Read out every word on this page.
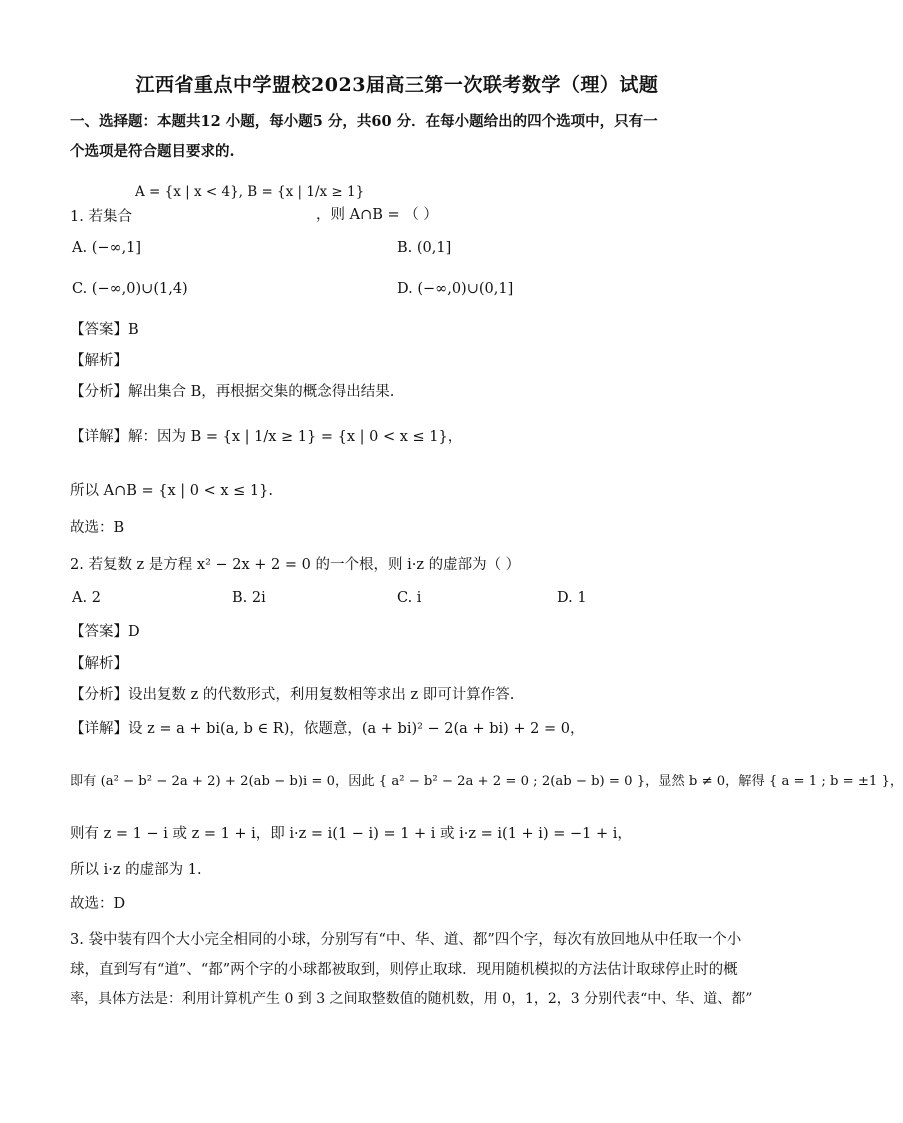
江西省重点中学盟校2023届高三第一次联考数学（理）试题
一、选择题：本题共12 小题，每小题5 分，共60 分．在每小题给出的四个选项中，只有一
个选项是符合题目要求的.
A = {x | x < 4}, B = {x | 1/x ≥ 1}
1. 若集合	，则 A∩B = （ ）
A. (−∞,1]	B. (0,1]
C. (−∞,0)∪(1,4)	D. (−∞,0)∪(0,1]
【答案】B
【解析】
【分析】解出集合 B，再根据交集的概念得出结果.
【详解】解：因为 B = {x | 1/x ≥ 1} = {x | 0 < x ≤ 1}，
所以 A∩B = {x | 0 < x ≤ 1}.
故选：B
2. 若复数 z 是方程 x² − 2x + 2 = 0 的一个根，则 i·z 的虚部为（ ）
A. 2	B. 2i	C. i	D. 1
【答案】D
【解析】
【分析】设出复数 z 的代数形式，利用复数相等求出 z 即可计算作答.
【详解】设 z = a + bi(a, b ∈ R)，依题意，(a + bi)² − 2(a + bi) + 2 = 0，
即有 (a² − b² − 2a + 2) + 2(ab − b)i = 0，因此 { a² − b² − 2a + 2 = 0 ; 2(ab − b) = 0 }，显然 b ≠ 0，解得 { a = 1 ; b = ±1 }，
则有 z = 1 − i 或 z = 1 + i，即 i·z = i(1 − i) = 1 + i 或 i·z = i(1 + i) = −1 + i，
所以 i·z 的虚部为 1.
故选：D
3. 袋中装有四个大小完全相同的小球，分别写有“中、华、道、都”四个字，每次有放回地从中任取一个小
球，直到写有“道”、“都”两个字的小球都被取到，则停止取球．现用随机模拟的方法估计取球停止时的概
率，具体方法是：利用计算机产生 0 到 3 之间取整数值的随机数，用 0，1，2，3 分别代表“中、华、道、都”
